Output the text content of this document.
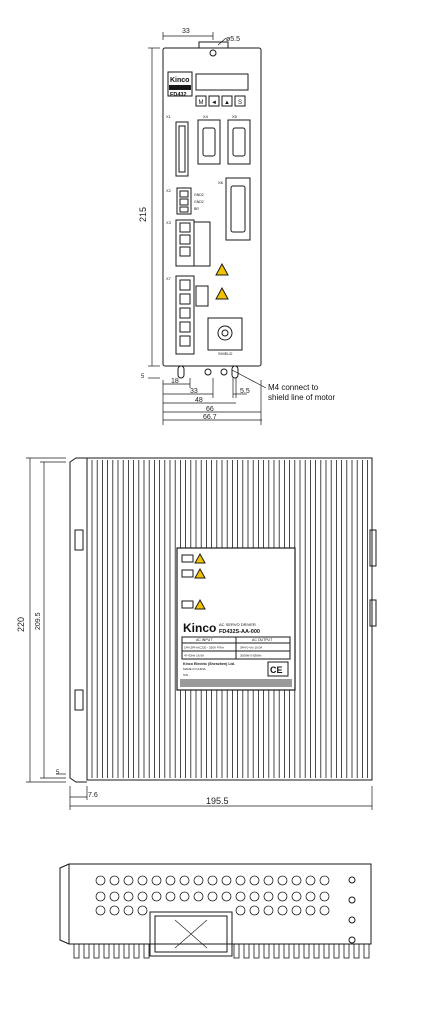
Kinco
AC SERVO
FD432
M ◄ ▲ S
X1	X4	X5
X6
X2
X3
X7
GND2
GND2
BR
SHIELD
33
ø5.5
215
5
18
33	5.5
48
66
66.7
M4 connect to
shield line of motor
Kinco AC SERVO DRIVER
FD432S-AA-000
AC INPUT	AC OUTPUT
1PH,3PH AC220 - 250V 47Hz	3PH 0-Vin 10.0A
47-63Hz 16.0A	2000W 0-550Hz
Kinco Electric (Shenzhen) Ltd.
MADE IN CHINA
S/N :	CE
220 209.5
5
7.6
195.5
